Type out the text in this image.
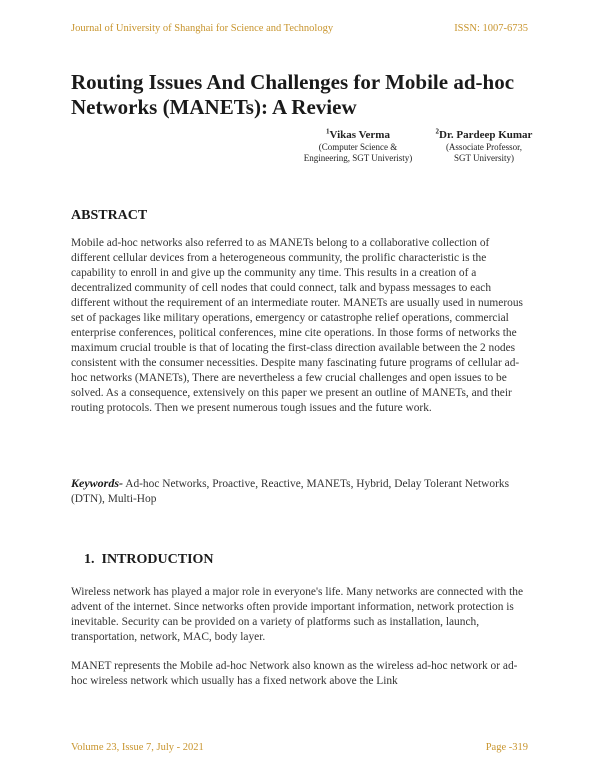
Journal of University of Shanghai for Science and Technology	ISSN: 1007-6735
Routing Issues And Challenges for Mobile ad-hoc
Networks (MANETs): A Review
$^1$Vikas Verma
(Computer Science &
Engineering, SGT Univeristy)
$^2$Dr. Pardeep Kumar
(Associate Professor,
SGT University)
ABSTRACT

Mobile ad-hoc networks also referred to as MANETs belong to a collaborative collection of different cellular devices from a heterogeneous community, the prolific characteristic is the capability to enroll in and give up the community any time. This results in a creation of a decentralized community of cell nodes that could connect, talk and bypass messages to each different without the requirement of an intermediate router. MANETs are usually used in numerous set of packages like military operations, emergency or catastrophe relief operations, commercial enterprise conferences, political conferences, mine cite operations. In those forms of networks the maximum crucial trouble is that of locating the first-class direction available between the 2 nodes consistent with the consumer necessities. Despite many fascinating future programs of cellular ad-hoc networks (MANETs), There are nevertheless a few crucial challenges and open issues to be solved. As a consequence, extensively on this paper we present an outline of MANETs, and their routing protocols. Then we present numerous tough issues and the future work.

Keywords- Ad-hoc Networks, Proactive, Reactive, MANETs, Hybrid, Delay Tolerant Networks (DTN), Multi-Hop

1. INTRODUCTION

Wireless network has played a major role in everyone's life. Many networks are connected with the advent of the internet. Since networks often provide important information, network protection is inevitable. Security can be provided on a variety of platforms such as installation, launch, transportation, network, MAC, body layer.

MANET represents the Mobile ad-hoc Network also known as the wireless ad-hoc network or ad-hoc wireless network which usually has a fixed network above the Link

Volume 23, Issue 7, July - 2021	Page -319
